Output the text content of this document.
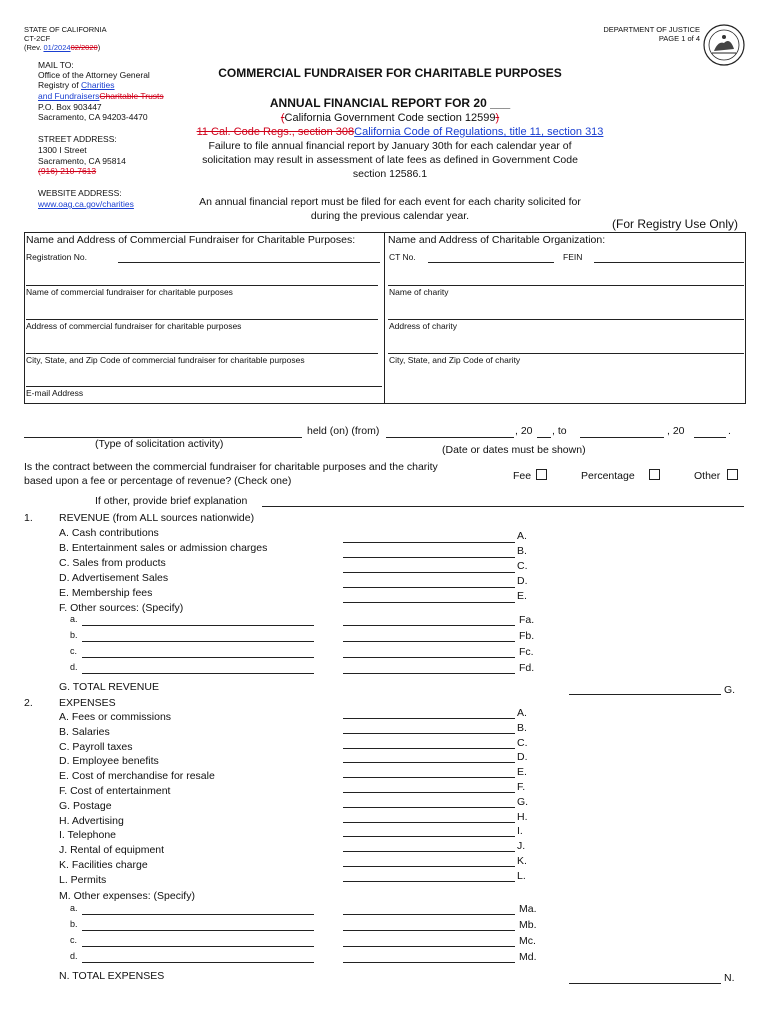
STATE OF CALIFORNIA
CT-2CF
(Rev. 01/202402/2020)
DEPARTMENT OF JUSTICE
PAGE 1 of 4
MAIL TO:
Office of the Attorney General
Registry of Charities
and FundraisersCharitable Trusts
P.O. Box 903447
Sacramento, CA 94203-4470
STREET ADDRESS:
1300 I Street
Sacramento, CA 95814
(916) 210-7613
WEBSITE ADDRESS:
www.oag.ca.gov/charities
COMMERCIAL FUNDRAISER FOR CHARITABLE PURPOSES
ANNUAL FINANCIAL REPORT FOR 20 ___
(California Government Code section 12599)
11 Cal. Code Regs., section 308California Code of Regulations, title 11, section 313
Failure to file annual financial report by January 30th for each calendar year of
solicitation may result in assessment of late fees as defined in Government Code
section 12586.1
An annual financial report must be filed for each event for each charity solicited for
during the previous calendar year.
(For Registry Use Only)
Name and Address of Commercial Fundraiser for Charitable Purposes:	Name and Address of Charitable Organization:
Registration No.	CT No.	FEIN
Name of commercial fundraiser for charitable purposes	Name of charity
Address of commercial fundraiser for charitable purposes	Address of charity
City, State, and Zip Code of commercial fundraiser for charitable purposes	City, State, and Zip Code of charity
E-mail Address
held (on) (from)	, 20 , to	, 20	.
(Type of solicitation activity)	(Date or dates must be shown)
Is the contract between the commercial fundraiser for charitable purposes and the charity
based upon a fee or percentage of revenue? (Check one)	Fee	Percentage	Other
If other, provide brief explanation
1. REVENUE (from ALL sources nationwide)
A. Cash contributions	A.
B. Entertainment sales or admission charges	B.
C. Sales from products	C.
D. Advertisement Sales	D.
E. Membership fees	E.
F. Other sources: (Specify)
a.	Fa.
b.	Fb.
c.	Fc.
d.	Fd.
G. TOTAL REVENUE	G.
2. EXPENSES
A. Fees or commissions	A.
B. Salaries	B.
C. Payroll taxes	C.
D. Employee benefits	D.
E. Cost of merchandise for resale	E.
F. Cost of entertainment	F.
G. Postage	G.
H. Advertising	H.
I. Telephone	I.
J. Rental of equipment	J.
K. Facilities charge	K.
L. Permits	L.
M. Other expenses: (Specify)
a.	Ma.
b.	Mb.
c.	Mc.
d.	Md.
N. TOTAL EXPENSES	N.
